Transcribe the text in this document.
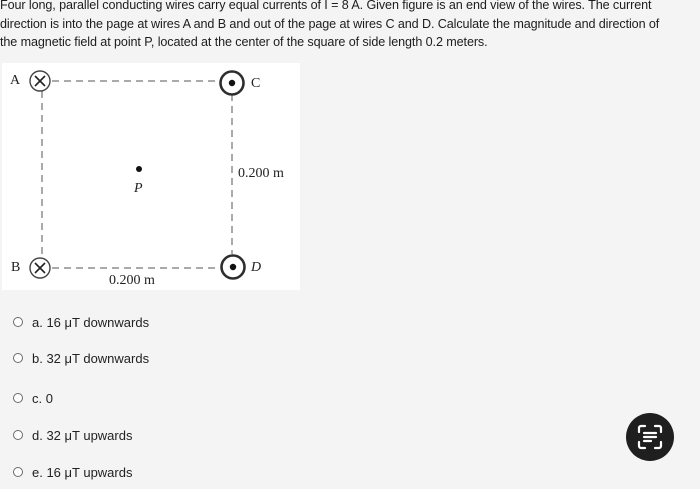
Four long, parallel conducting wires carry equal currents of I = 8 A. Given figure is an end view of the wires. The current
direction is into the page at wires A and B and out of the page at wires C and D. Calculate the magnitude and direction of
the magnetic field at point P, located at the center of the square of side length 0.2 meters.
A
B
C
D
P
0.200 m
0.200 m
a. 16 μT downwards
b. 32 μT downwards
c. 0
d. 32 μT upwards
e. 16 μT upwards
